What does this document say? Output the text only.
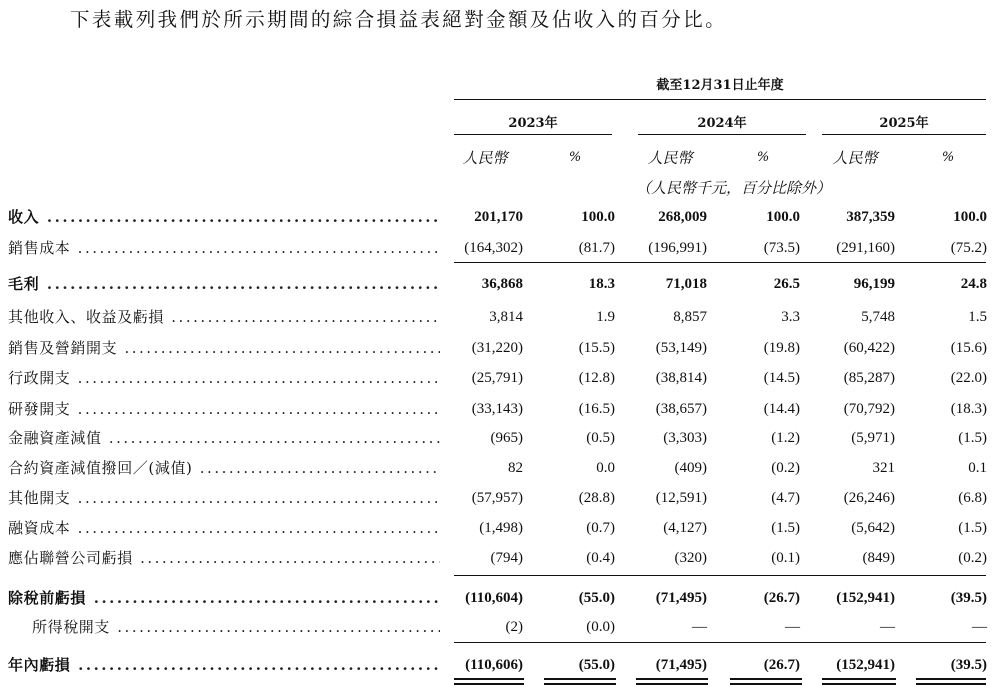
下表載列我們於所示期間的綜合損益表絕對金額及佔收入的百分比。
截至12月31日止年度
2023年	2024年	2025年
人民幣	%	人民幣	%	人民幣	%
（人民幣千元，百分比除外）
收入 .....	201,170	100.0	268,009	100.0	387,359	100.0
銷售成本 .....	(164,302)	(81.7)	(196,991)	(73.5)	(291,160)	(75.2)
毛利 .....	36,868	18.3	71,018	26.5	96,199	24.8
其他收入、收益及虧損 .....	3,814	1.9	8,857	3.3	5,748	1.5
銷售及營銷開支 .....	(31,220)	(15.5)	(53,149)	(19.8)	(60,422)	(15.6)
行政開支 .....	(25,791)	(12.8)	(38,814)	(14.5)	(85,287)	(22.0)
研發開支 .....	(33,143)	(16.5)	(38,657)	(14.4)	(70,792)	(18.3)
金融資產減值 .....	(965)	(0.5)	(3,303)	(1.2)	(5,971)	(1.5)
合約資產減值撥回／(減值) .....	82	0.0	(409)	(0.2)	321	0.1
其他開支 .....	(57,957)	(28.8)	(12,591)	(4.7)	(26,246)	(6.8)
融資成本 .....	(1,498)	(0.7)	(4,127)	(1.5)	(5,642)	(1.5)
應佔聯營公司虧損 .....	(794)	(0.4)	(320)	(0.1)	(849)	(0.2)
除稅前虧損 .....	(110,604)	(55.0)	(71,495)	(26.7)	(152,941)	(39.5)
所得稅開支 .....	(2)	(0.0)	—	—	—	—
年內虧損 .....	(110,606)	(55.0)	(71,495)	(26.7)	(152,941)	(39.5)
